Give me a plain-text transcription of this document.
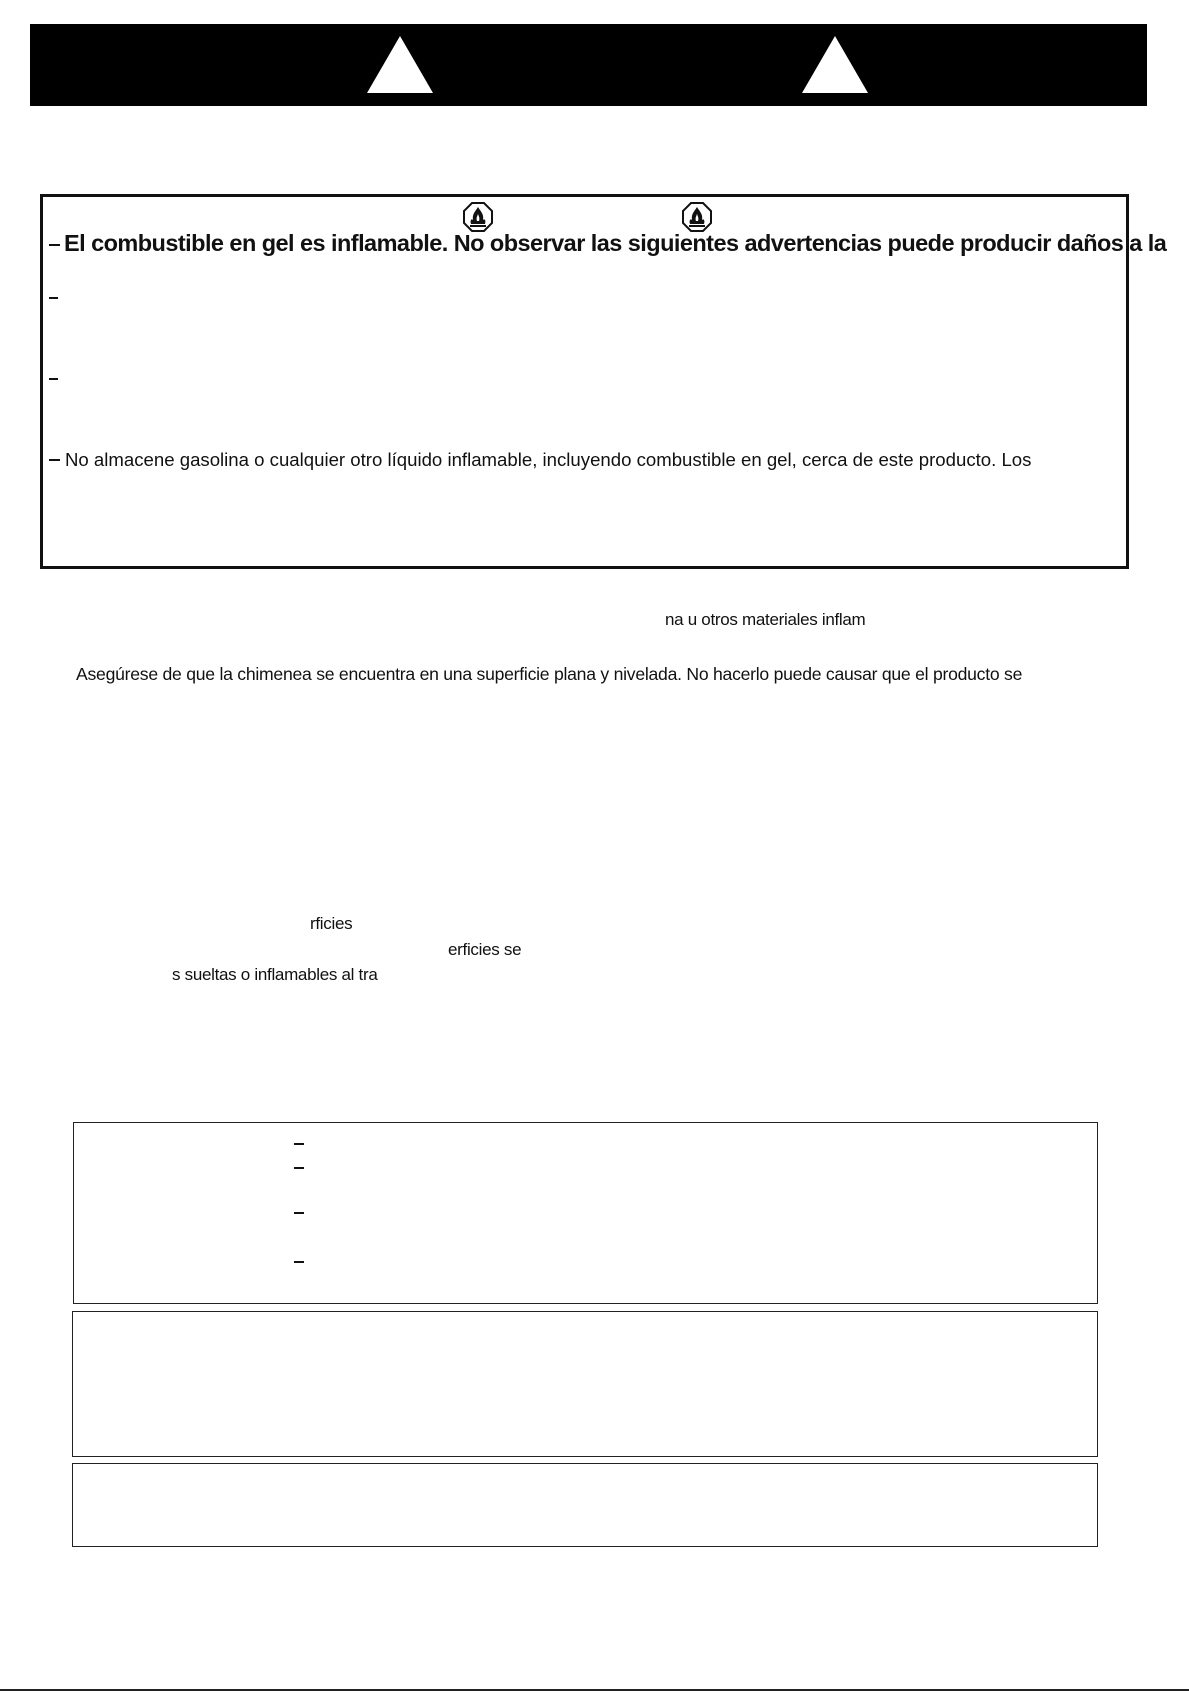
El combustible en gel es inflamable. No observar las siguientes advertencias puede producir daños a la
No almacene gasolina o cualquier otro líquido inflamable, incluyendo combustible en gel, cerca de este producto. Los
na u otros materiales inflam
Asegúrese de que la chimenea se encuentra en una superficie plana y nivelada. No hacerlo puede causar que el producto se
rficies
erficies se
s sueltas o inflamables al tra
